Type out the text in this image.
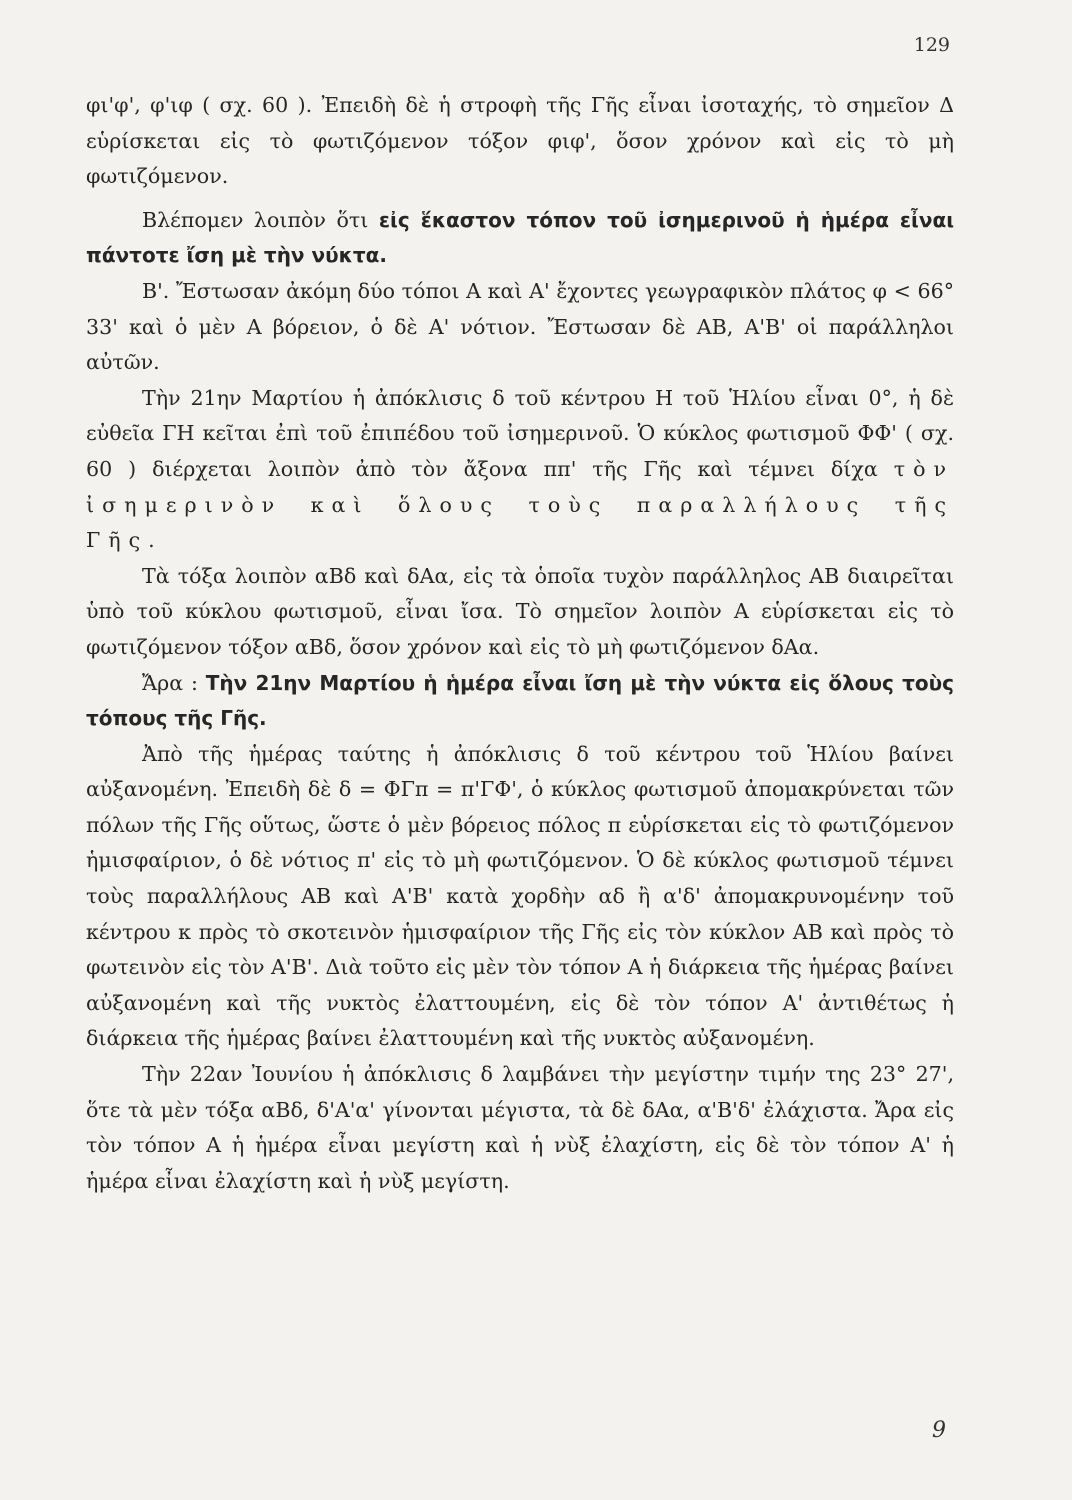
129

φι'φ', φ'ιφ ( σχ. 60 ). Ἐπειδὴ δὲ ἡ στροφὴ τῆς Γῆς εἶναι ἰσοταχής, τὸ σημεῖον Δ εὑρίσκεται εἰς τὸ φωτιζόμενον τόξον φιφ', ὅσον χρόνον καὶ εἰς τὸ μὴ φωτιζόμενον.

Βλέπομεν λοιπὸν ὅτι εἰς ἕκαστον τόπον τοῦ ἰσημερινοῦ ἡ ἡμέρα εἶναι πάντοτε ἴση μὲ τὴν νύκτα.

Β'. Ἔστωσαν ἀκόμη δύο τόποι Α καὶ Α' ἔχοντες γεωγραφικὸν πλάτος φ < 66° 33' καὶ ὁ μὲν Α βόρειον, ὁ δὲ Α' νότιον. Ἔστωσαν δὲ ΑΒ, Α'Β' οἱ παράλληλοι αὐτῶν.

Τὴν 21ην Μαρτίου ἡ ἀπόκλισις δ τοῦ κέντρου Η τοῦ Ἡλίου εἶναι 0°, ἡ δὲ εὐθεῖα ΓΗ κεῖται ἐπὶ τοῦ ἐπιπέδου τοῦ ἰσημερινοῦ. Ὁ κύκλος φωτισμοῦ ΦΦ' ( σχ. 60 ) διέρχεται λοιπὸν ἀπὸ τὸν ἄξονα ππ' τῆς Γῆς καὶ τέμνει δίχα τὸν ἰσημερινὸν καὶ ὅλους τοὺς παραλλήλους τῆς Γῆς.

Τὰ τόξα λοιπὸν αΒδ καὶ δΑα, εἰς τὰ ὁποῖα τυχὸν παράλληλος ΑΒ διαιρεῖται ὑπὸ τοῦ κύκλου φωτισμοῦ, εἶναι ἴσα. Τὸ σημεῖον λοιπὸν Α εὑρίσκεται εἰς τὸ φωτιζόμενον τόξον αΒδ, ὅσον χρόνον καὶ εἰς τὸ μὴ φωτιζόμενον δΑα.

Ἄρα : Τὴν 21ην Μαρτίου ἡ ἡμέρα εἶναι ἴση μὲ τὴν νύκτα εἰς ὅλους τοὺς τόπους τῆς Γῆς.

Ἀπὸ τῆς ἡμέρας ταύτης ἡ ἀπόκλισις δ τοῦ κέντρου τοῦ Ἡλίου βαίνει αὐξανομένη. Ἐπειδὴ δὲ δ = ΦΓπ = π'ΓΦ', ὁ κύκλος φωτισμοῦ ἀπομακρύνεται τῶν πόλων τῆς Γῆς οὕτως, ὥστε ὁ μὲν βόρειος πόλος π εὑρίσκεται εἰς τὸ φωτιζόμενον ἡμισφαίριον, ὁ δὲ νότιος π' εἰς τὸ μὴ φωτιζόμενον. Ὁ δὲ κύκλος φωτισμοῦ τέμνει τοὺς παραλλήλους ΑΒ καὶ Α'Β' κατὰ χορδὴν αδ ἢ α'δ' ἀπομακρυνομένην τοῦ κέντρου κ πρὸς τὸ σκοτεινὸν ἡμισφαίριον τῆς Γῆς εἰς τὸν κύκλον ΑΒ καὶ πρὸς τὸ φωτεινὸν εἰς τὸν Α'Β'. Διὰ τοῦτο εἰς μὲν τὸν τόπον Α ἡ διάρκεια τῆς ἡμέρας βαίνει αὐξανομένη καὶ τῆς νυκτὸς ἐλαττουμένη, εἰς δὲ τὸν τόπον Α' ἀντιθέτως ἡ διάρκεια τῆς ἡμέρας βαίνει ἐλαττουμένη καὶ τῆς νυκτὸς αὐξανομένη.

Τὴν 22αν Ἰουνίου ἡ ἀπόκλισις δ λαμβάνει τὴν μεγίστην τιμήν της 23° 27', ὅτε τὰ μὲν τόξα αΒδ, δ'Α'α' γίνονται μέγιστα, τὰ δὲ δΑα, α'Β'δ' ἐλάχιστα. Ἄρα εἰς τὸν τόπον Α ἡ ἡμέρα εἶναι μεγίστη καὶ ἡ νὺξ ἐλαχίστη, εἰς δὲ τὸν τόπον Α' ἡ ἡμέρα εἶναι ἐλαχίστη καὶ ἡ νὺξ μεγίστη.

9
